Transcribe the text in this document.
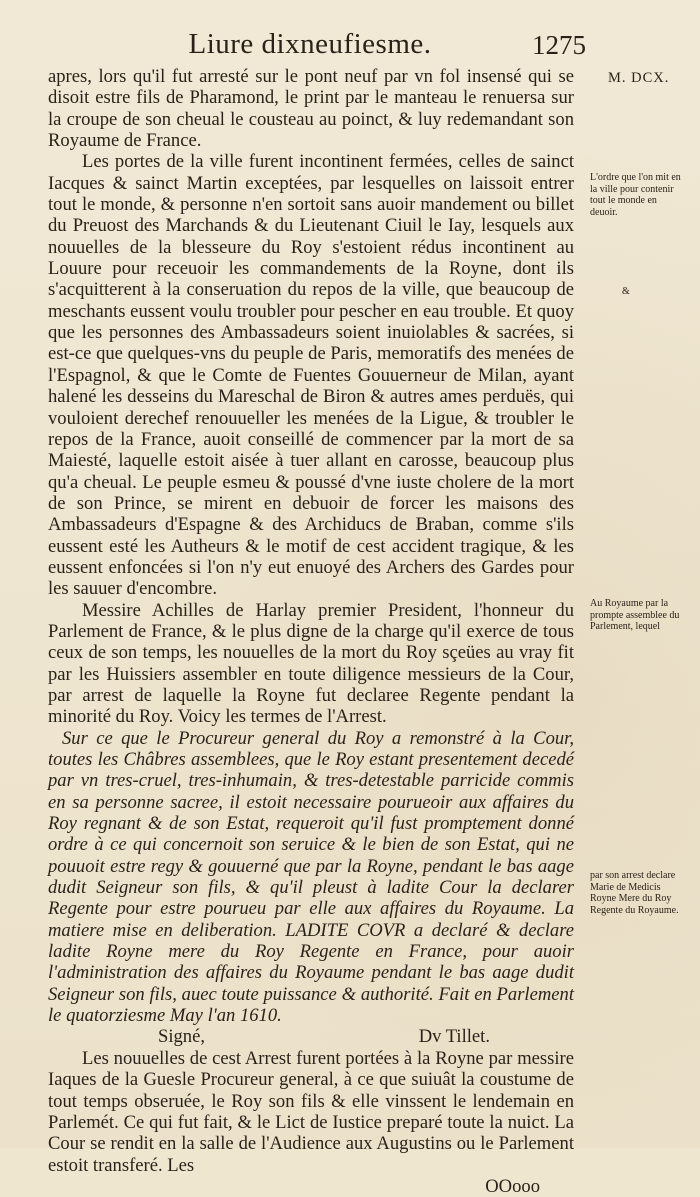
Liure dixneufiesme.	1275
M. DCX.
L'ordre que l'on mit en la ville pour contenir tout le monde en deuoir.
&
Au Royaume par la prompte assemblee du Parlement, lequel
par son arrest declare Marie de Medicis Royne Mere du Roy Regente du Royaume.

apres, lors qu'il fut arresté sur le pont neuf par vn fol insensé qui se disoit estre fils de Pharamond, le print par le manteau le renuersa sur la croupe de son cheual le cousteau au poinct, & luy redemandant son Royaume de France.

Les portes de la ville furent incontinent fermées, celles de sainct Iacques & sainct Martin exceptées, par lesquelles on laissoit entrer tout le monde, & personne n'en sortoit sans auoir mandement ou billet du Preuost des Marchands & du Lieutenant Ciuil le Iay, lesquels aux nouuelles de la blesseure du Roy s'estoient rédus incontinent au Louure pour receuoir les commandements de la Royne, dont ils s'acquitterent à la conseruation du repos de la ville, que beaucoup de meschants eussent voulu troubler pour pescher en eau trouble. Et quoy que les personnes des Ambassadeurs soient inuiolables & sacrées, si est-ce que quelques-vns du peuple de Paris, memoratifs des menées de l'Espagnol, & que le Comte de Fuentes Gouuerneur de Milan, ayant halené les desseins du Mareschal de Biron & autres ames perduës, qui vouloient derechef renouueller les menées de la Ligue, & troubler le repos de la France, auoit conseillé de commencer par la mort de sa Maiesté, laquelle estoit aisée à tuer allant en carosse, beaucoup plus qu'a cheual. Le peuple esmeu & poussé d'vne iuste cholere de la mort de son Prince, se mirent en debuoir de forcer les maisons des Ambassadeurs d'Espagne & des Archiducs de Braban, comme s'ils eussent esté les Autheurs & le motif de cest accident tragique, & les eussent enfoncées si l'on n'y eut enuoyé des Archers des Gardes pour les sauuer d'encombre.

Messire Achilles de Harlay premier President, l'honneur du Parlement de France, & le plus digne de la charge qu'il exerce de tous ceux de son temps, les nouuelles de la mort du Roy sçeües au vray fit par les Huissiers assembler en toute diligence messieurs de la Cour, par arrest de laquelle la Royne fut declaree Regente pendant la minorité du Roy. Voicy les termes de l'Arrest.

Sur ce que le Procureur general du Roy a remonstré à la Cour, toutes les Châbres assemblees, que le Roy estant presentement decedé par vn tres-cruel, tres-inhumain, & tres-detestable parricide commis en sa personne sacree, il estoit necessaire pourueoir aux affaires du Roy regnant & de son Estat, requeroit qu'il fust promptement donné ordre à ce qui concernoit son seruice & le bien de son Estat, qui ne pouuoit estre regy & gouuerné que par la Royne, pendant le bas aage dudit Seigneur son fils, & qu'il pleust à ladite Cour la declarer Regente pour estre pourueu par elle aux affaires du Royaume. La matiere mise en deliberation. LADITE COVR a declaré & declare ladite Royne mere du Roy Regente en France, pour auoir l'administration des affaires du Royaume pendant le bas aage dudit Seigneur son fils, auec toute puissance & authorité. Fait en Parlement le quatorziesme May l'an 1610.

Signé,	Dv Tillet.

Les nouuelles de cest Arrest furent portées à la Royne par messire Iaques de la Guesle Procureur general, à ce que suiuât la coustume de tout temps obseruée, le Roy son fils & elle vinssent le lendemain en Parlemét. Ce qui fut fait, & le Lict de Iustice preparé toute la nuict. La Cour se rendit en la salle de l'Audience aux Augustins ou le Parlement estoit transferé. Les

OOooo
